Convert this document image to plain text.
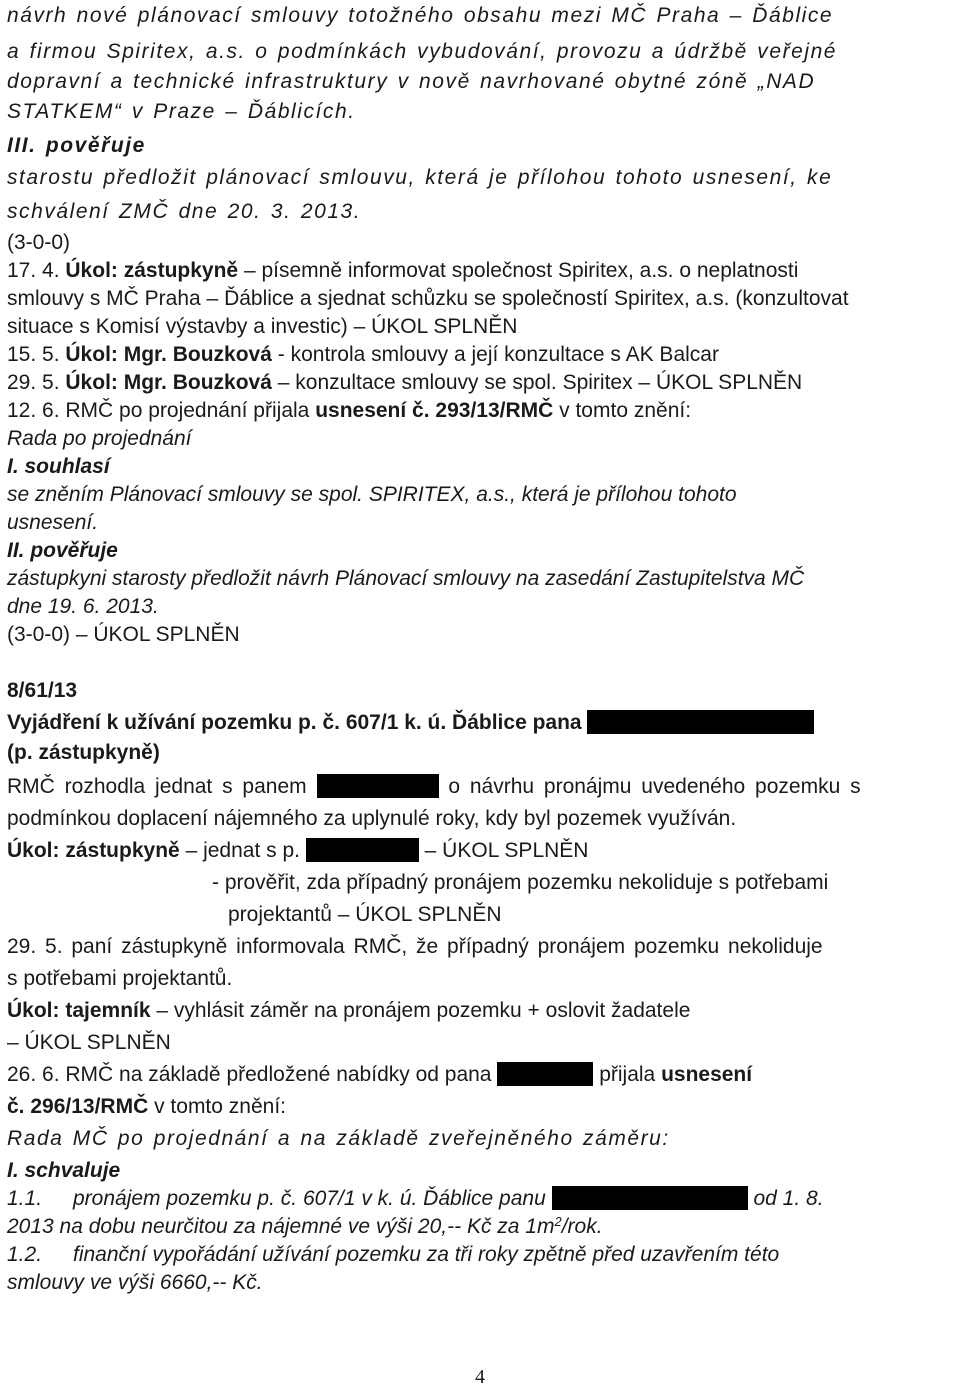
návrh nové plánovací smlouvy totožného obsahu mezi MČ Praha – Ďáblice
a firmou Spiritex, a.s. o podmínkách vybudování, provozu a údržbě veřejné
dopravní a technické infrastruktury v nově navrhované obytné zóně „NAD
STATKEM“ v Praze – Ďáblicích.
III. pověřuje
starostu předložit plánovací smlouvu, která je přílohou tohoto usnesení, ke
schválení ZMČ dne 20. 3. 2013.
(3-0-0)
17. 4. Úkol: zástupkyně – písemně informovat společnost Spiritex, a.s. o neplatnosti
smlouvy s MČ Praha – Ďáblice a sjednat schůzku se společností Spiritex, a.s. (konzultovat
situace s Komisí výstavby a investic) – ÚKOL SPLNĚN
15. 5. Úkol: Mgr. Bouzková - kontrola smlouvy a její konzultace s AK Balcar
29. 5. Úkol: Mgr. Bouzková – konzultace smlouvy se spol. Spiritex – ÚKOL SPLNĚN
12. 6. RMČ po projednání přijala usnesení č. 293/13/RMČ v tomto znění:
Rada po projednání
I. souhlasí
se zněním Plánovací smlouvy se spol. SPIRITEX, a.s., která je přílohou tohoto
usnesení.
II. pověřuje
zástupkyni starosty předložit návrh Plánovací smlouvy na zasedání Zastupitelstva MČ
dne 19. 6. 2013.
(3-0-0) – ÚKOL SPLNĚN
8/61/13
Vyjádření k užívání pozemku p. č. 607/1 k. ú. Ďáblice pana
(p. zástupkyně)
RMČ rozhodla jednat s panem	o návrhu pronájmu uvedeného pozemku s
podmínkou doplacení nájemného za uplynulé roky, kdy byl pozemek využíván.
Úkol: zástupkyně – jednat s p.	– ÚKOL SPLNĚN
- prověřit, zda případný pronájem pozemku nekoliduje s potřebami
projektantů – ÚKOL SPLNĚN
29. 5. paní zástupkyně informovala RMČ, že případný pronájem pozemku nekoliduje
s potřebami projektantů.
Úkol: tajemník – vyhlásit záměr na pronájem pozemku + oslovit žadatele
– ÚKOL SPLNĚN
26. 6. RMČ na základě předložené nabídky od pana	přijala usnesení
č. 296/13/RMČ v tomto znění:
Rada MČ po projednání a na základě zveřejněného záměru:
I. schvaluje
1.1. pronájem pozemku p. č. 607/1 v k. ú. Ďáblice panu	od 1. 8.
2013 na dobu neurčitou za nájemné ve výši 20,-- Kč za $1m^2$/rok.
1.2. finanční vypořádání užívání pozemku za tři roky zpětně před uzavřením této
smlouvy ve výši 6660,-- Kč.
4
